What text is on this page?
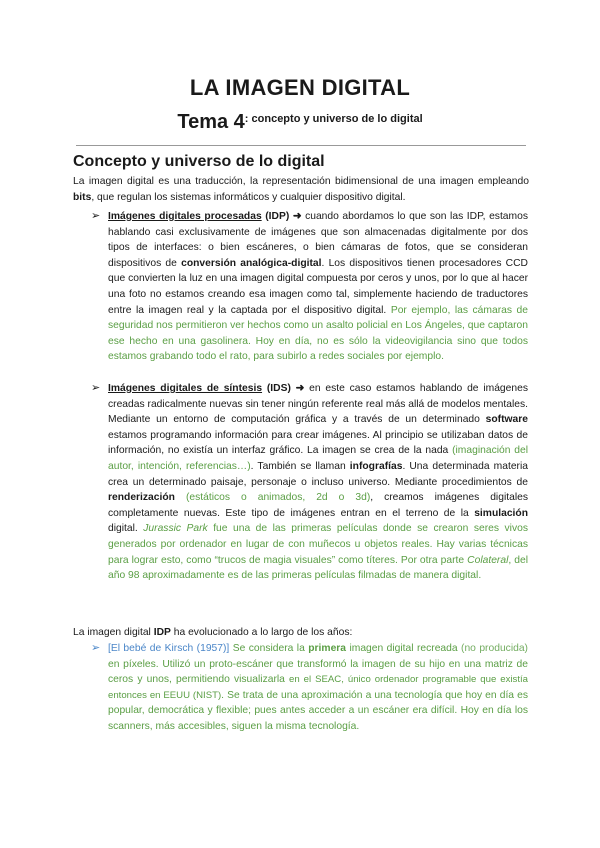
LA IMAGEN DIGITAL
Tema $4^{: concepto y universo de lo digital}$
Concepto y universo de lo digital
La imagen digital es una traducción, la representación bidimensional de una imagen empleando bits, que regulan los sistemas informáticos y cualquier dispositivo digital.
➢ Imágenes digitales procesadas (IDP) ➜ cuando abordamos lo que son las IDP, estamos hablando casi exclusivamente de imágenes que son almacenadas digitalmente por dos tipos de interfaces: o bien escáneres, o bien cámaras de fotos, que se consideran dispositivos de conversión analógica-digital. Los dispositivos tienen procesadores CCD que convierten la luz en una imagen digital compuesta por ceros y unos, por lo que al hacer una foto no estamos creando esa imagen como tal, simplemente haciendo de traductores entre la imagen real y la captada por el dispositivo digital. Por ejemplo, las cámaras de seguridad nos permitieron ver hechos como un asalto policial en Los Ángeles, que captaron ese hecho en una gasolinera. Hoy en día, no es sólo la videovigilancia sino que todos estamos grabando todo el rato, para subirlo a redes sociales por ejemplo.
➢ Imágenes digitales de síntesis (IDS) ➜ en este caso estamos hablando de imágenes creadas radicalmente nuevas sin tener ningún referente real más allá de modelos mentales. Mediante un entorno de computación gráfica y a través de un determinado software estamos programando información para crear imágenes. Al principio se utilizaban datos de información, no existía un interfaz gráfico. La imagen se crea de la nada (imaginación del autor, intención, referencias…). También se llaman infografías. Una determinada materia crea un determinado paisaje, personaje o incluso universo. Mediante procedimientos de renderización (estáticos o animados, 2d o 3d), creamos imágenes digitales completamente nuevas. Este tipo de imágenes entran en el terreno de la simulación digital. Jurassic Park fue una de las primeras películas donde se crearon seres vivos generados por ordenador en lugar de con muñecos u objetos reales. Hay varias técnicas para lograr esto, como “trucos de magia visuales” como títeres. Por otra parte Colateral, del año 98 aproximadamente es de las primeras películas filmadas de manera digital.
La imagen digital IDP ha evolucionado a lo largo de los años:
➢ [El bebé de Kirsch (1957)] Se considera la primera imagen digital recreada (no producida) en píxeles. Utilizó un proto-escáner que transformó la imagen de su hijo en una matriz de ceros y unos, permitiendo visualizarla en el SEAC, único ordenador programable que existía entonces en EEUU (NIST). Se trata de una aproximación a una tecnología que hoy en día es popular, democrática y flexible; pues antes acceder a un escáner era difícil. Hoy en día los scanners, más accesibles, siguen la misma tecnología.
